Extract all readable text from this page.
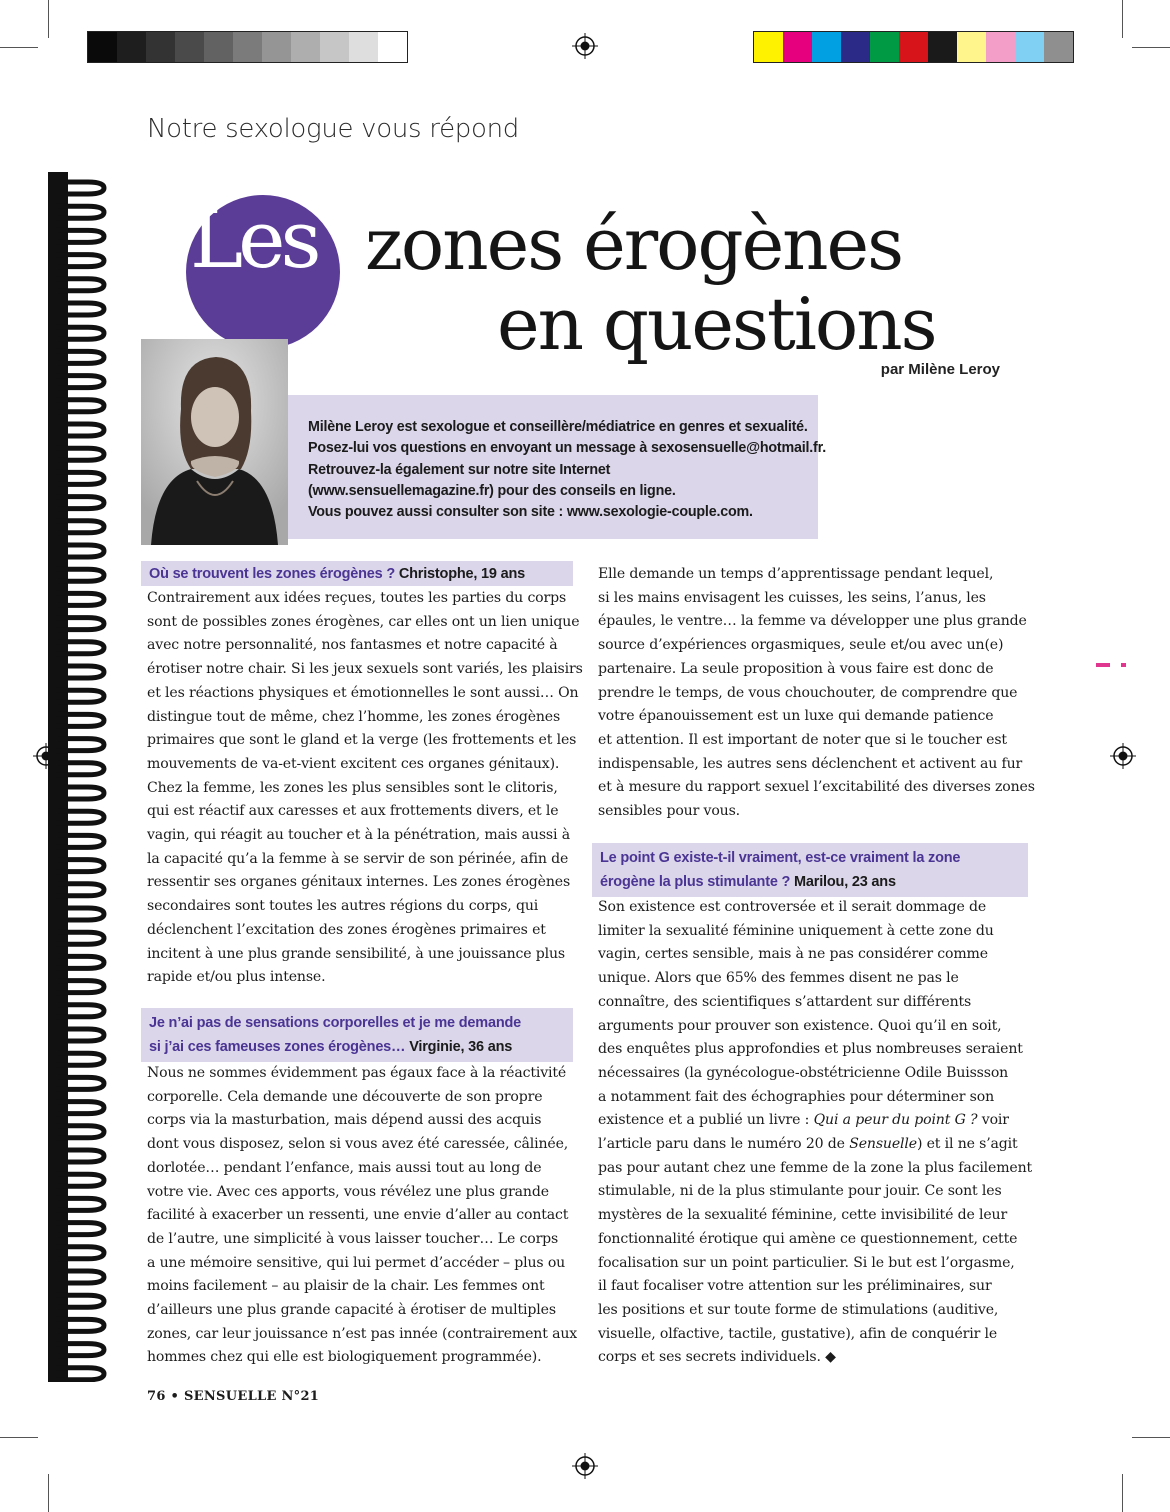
Notre sexologue vous répond
Les zones érogènes
en questions
par Milène Leroy
Milène Leroy est sexologue et conseillère/médiatrice en genres et sexualité.
Posez-lui vos questions en envoyant un message à sexosensuelle@hotmail.fr.
Retrouvez-la également sur notre site Internet
(www.sensuellemagazine.fr) pour des conseils en ligne.
Vous pouvez aussi consulter son site : www.sexologie-couple.com.
Où se trouvent les zones érogènes ? Christophe, 19 ans
Contrairement aux idées reçues, toutes les parties du corps
sont de possibles zones érogènes, car elles ont un lien unique
avec notre personnalité, nos fantasmes et notre capacité à
érotiser notre chair. Si les jeux sexuels sont variés, les plaisirs
et les réactions physiques et émotionnelles le sont aussi… On
distingue tout de même, chez l’homme, les zones érogènes
primaires que sont le gland et la verge (les frottements et les
mouvements de va-et-vient excitent ces organes génitaux).
Chez la femme, les zones les plus sensibles sont le clitoris,
qui est réactif aux caresses et aux frottements divers, et le
vagin, qui réagit au toucher et à la pénétration, mais aussi à
la capacité qu’a la femme à se servir de son périnée, afin de
ressentir ses organes génitaux internes. Les zones érogènes
secondaires sont toutes les autres régions du corps, qui
déclenchent l’excitation des zones érogènes primaires et
incitent à une plus grande sensibilité, à une jouissance plus
rapide et/ou plus intense.
Je n’ai pas de sensations corporelles et je me demande
si j’ai ces fameuses zones érogènes… Virginie, 36 ans
Nous ne sommes évidemment pas égaux face à la réactivité
corporelle. Cela demande une découverte de son propre
corps via la masturbation, mais dépend aussi des acquis
dont vous disposez, selon si vous avez été caressée, câlinée,
dorlotée… pendant l’enfance, mais aussi tout au long de
votre vie. Avec ces apports, vous révélez une plus grande
facilité à exacerber un ressenti, une envie d’aller au contact
de l’autre, une simplicité à vous laisser toucher… Le corps
a une mémoire sensitive, qui lui permet d’accéder – plus ou
moins facilement – au plaisir de la chair. Les femmes ont
d’ailleurs une plus grande capacité à érotiser de multiples
zones, car leur jouissance n’est pas innée (contrairement aux
hommes chez qui elle est biologiquement programmée).
Elle demande un temps d’apprentissage pendant lequel,
si les mains envisagent les cuisses, les seins, l’anus, les
épaules, le ventre… la femme va développer une plus grande
source d’expériences orgasmiques, seule et/ou avec un(e)
partenaire. La seule proposition à vous faire est donc de
prendre le temps, de vous chouchouter, de comprendre que
votre épanouissement est un luxe qui demande patience
et attention. Il est important de noter que si le toucher est
indispensable, les autres sens déclenchent et activent au fur
et à mesure du rapport sexuel l’excitabilité des diverses zones
sensibles pour vous.
Le point G existe-t-il vraiment, est-ce vraiment la zone
érogène la plus stimulante ? Marilou, 23 ans
Son existence est controversée et il serait dommage de
limiter la sexualité féminine uniquement à cette zone du
vagin, certes sensible, mais à ne pas considérer comme
unique. Alors que 65% des femmes disent ne pas le
connaître, des scientifiques s’attardent sur différents
arguments pour prouver son existence. Quoi qu’il en soit,
des enquêtes plus approfondies et plus nombreuses seraient
nécessaires (la gynécologue-obstétricienne Odile Buissson
a notamment fait des échographies pour déterminer son
existence et a publié un livre : Qui a peur du point G ? voir
l’article paru dans le numéro 20 de Sensuelle) et il ne s’agit
pas pour autant chez une femme de la zone la plus facilement
stimulable, ni de la plus stimulante pour jouir. Ce sont les
mystères de la sexualité féminine, cette invisibilité de leur
fonctionnalité érotique qui amène ce questionnement, cette
focalisation sur un point particulier. Si le but est l’orgasme,
il faut focaliser votre attention sur les préliminaires, sur
les positions et sur toute forme de stimulations (auditive,
visuelle, olfactive, tactile, gustative), afin de conquérir le
corps et ses secrets individuels. ◆
76 • SENSUELLE N°21
